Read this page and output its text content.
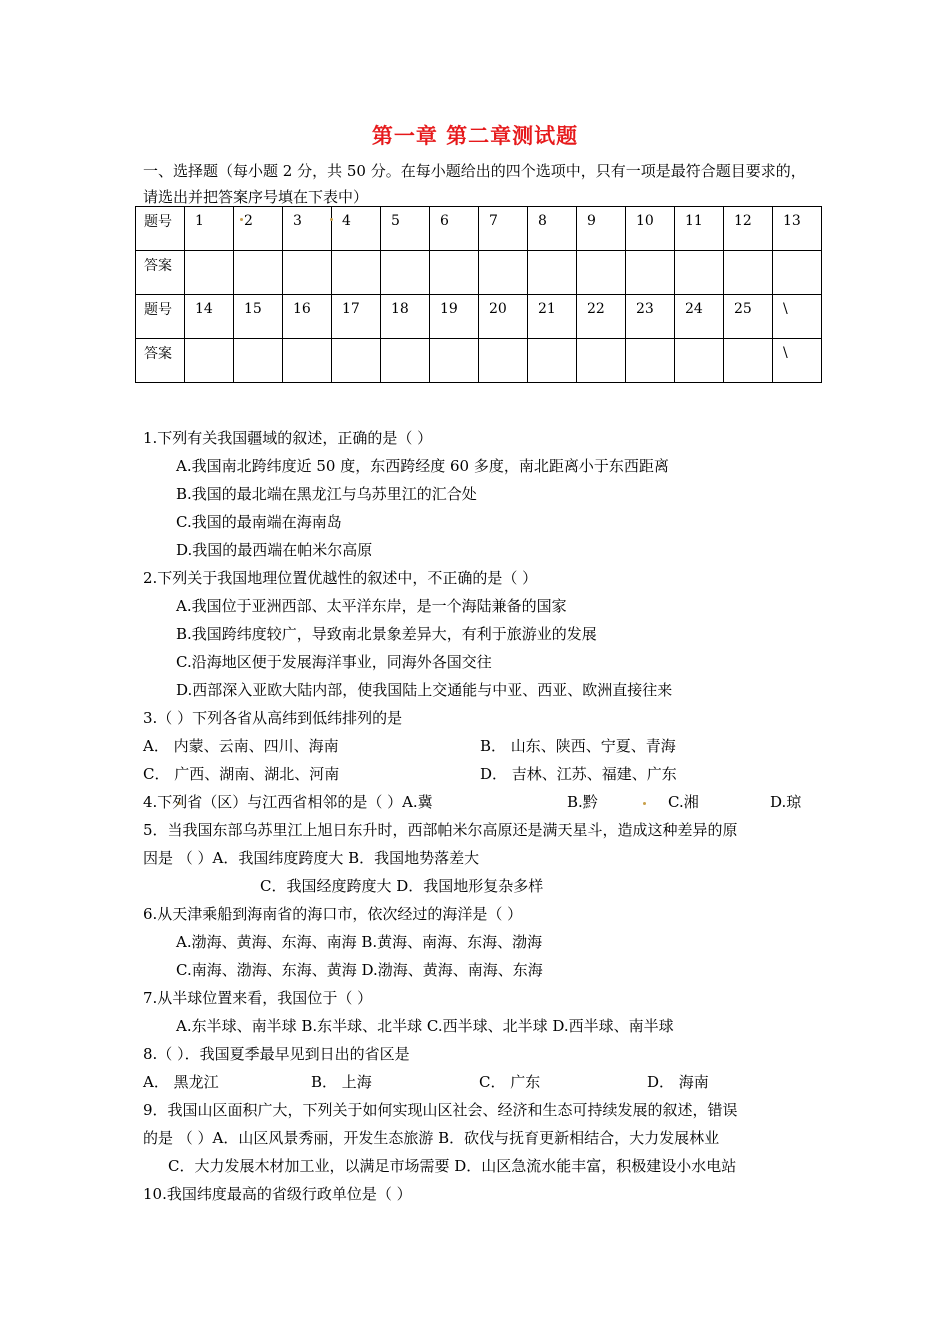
第一章 第二章测试题
一、选择题（每小题 2 分，共 50 分。在每小题给出的四个选项中，只有一项是最符合题目要求的，请选出并把答案序号填在下表中）
题号	1	2	3	4	5	6	7	8	9	10	11	12	13
答案													
题号	14	15	16	17	18	19	20	21	22	23	24	25	\
答案													\
1.下列有关我国疆域的叙述，正确的是（ ）
A.我国南北跨纬度近 50 度，东西跨经度 60 多度，南北距离小于东西距离
B.我国的最北端在黑龙江与乌苏里江的汇合处
C.我国的最南端在海南岛
D.我国的最西端在帕米尔高原
2.下列关于我国地理位置优越性的叙述中，不正确的是（ ）
A.我国位于亚洲西部、太平洋东岸，是一个海陆兼备的国家
B.我国跨纬度较广，导致南北景象差异大，有利于旅游业的发展
C.沿海地区便于发展海洋事业，同海外各国交往
D.西部深入亚欧大陆内部，使我国陆上交通能与中亚、西亚、欧洲直接往来
3.（ ）下列各省从高纬到低纬排列的是
A． 内蒙、云南、四川、海南	B． 山东、陕西、宁夏、青海
C． 广西、湖南、湖北、河南	D． 吉林、江苏、福建、广东
4.下列省（区）与江西省相邻的是（ ）A.冀	B.黔	C.湘	D.琼
5．当我国东部乌苏里江上旭日东升时，西部帕米尔高原还是满天星斗，造成这种差异的原
因是 （ ）A．我国纬度跨度大 B．我国地势落差大
C．我国经度跨度大 D．我国地形复杂多样
6.从天津乘船到海南省的海口市，依次经过的海洋是（ ）
A.渤海、黄海、东海、南海 B.黄海、南海、东海、渤海
C.南海、渤海、东海、黄海 D.渤海、黄海、南海、东海
7.从半球位置来看，我国位于（ ）
A.东半球、南半球 B.东半球、北半球 C.西半球、北半球 D.西半球、南半球
8.（ ）．我国夏季最早见到日出的省区是
A． 黑龙江	B． 上海	C． 广东	D． 海南
9．我国山区面积广大，下列关于如何实现山区社会、经济和生态可持续发展的叙述，错误
的是 （ ）A．山区风景秀丽，开发生态旅游 B．砍伐与抚育更新相结合，大力发展林业
C．大力发展木材加工业，以满足市场需要 D．山区急流水能丰富，积极建设小水电站
10.我国纬度最高的省级行政单位是（ ）
